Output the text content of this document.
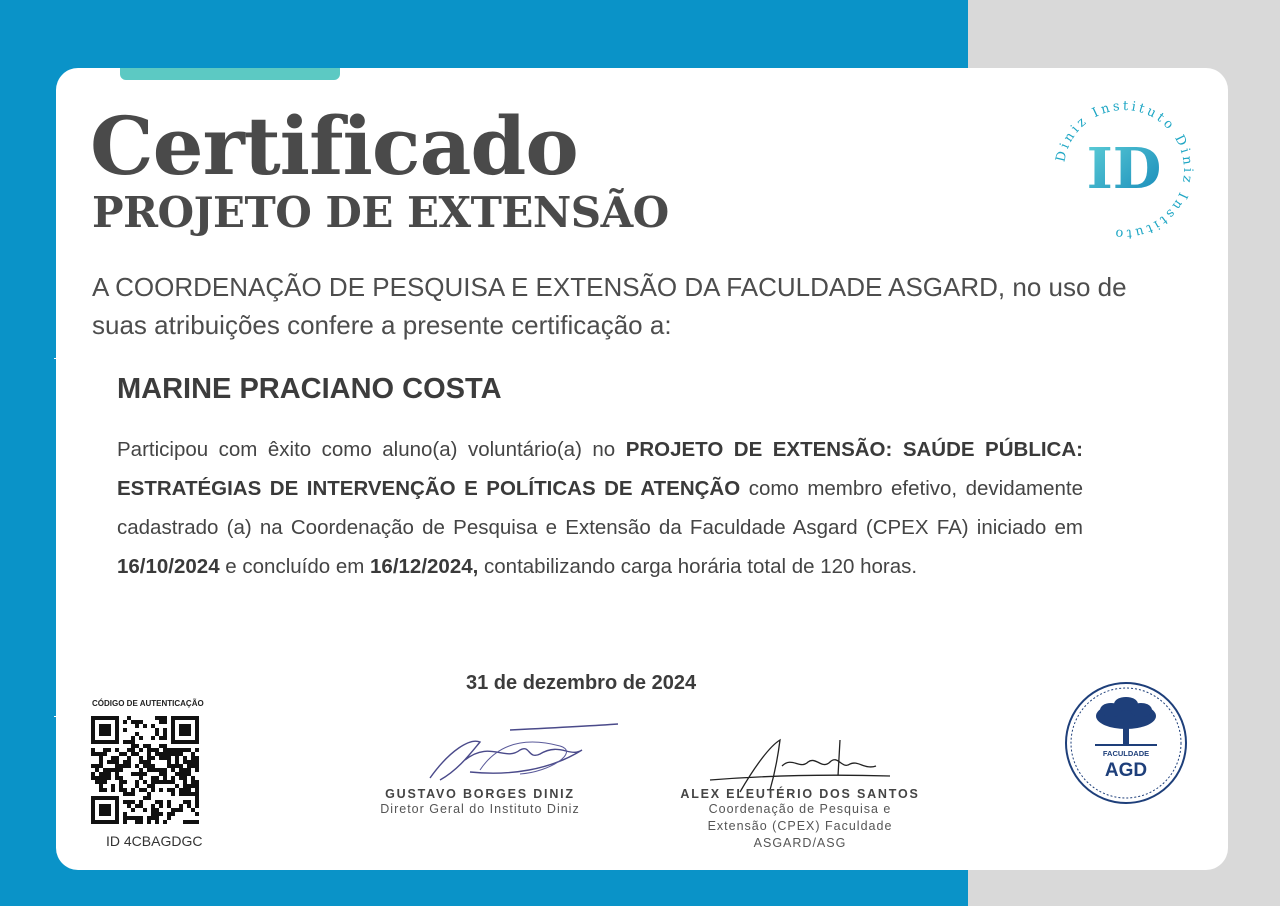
Certificado
PROJETO DE EXTENSÃO
A COORDENAÇÃO DE PESQUISA E EXTENSÃO DA FACULDADE ASGARD, no uso de suas atribuições confere a presente certificação a:
MARINE PRACIANO COSTA
Participou com êxito como aluno(a) voluntário(a) no PROJETO DE EXTENSÃO: SAÚDE PÚBLICA: ESTRATÉGIAS DE INTERVENÇÃO E POLÍTICAS DE ATENÇÃO como membro efetivo, devidamente cadastrado (a) na Coordenação de Pesquisa e Extensão da Faculdade Asgard (CPEX FA) iniciado em 16/10/2024 e concluído em 16/12/2024, contabilizando carga horária total de 120 horas.
31 de dezembro de 2024
CÓDIGO DE AUTENTICAÇÃO
ID 4CBAGDGC
GUSTAVO BORGES DINIZ
Diretor Geral do Instituto Diniz
ALEX ELEUTÉRIO DOS SANTOS
Coordenação de Pesquisa e
Extensão (CPEX) Faculdade
ASGARD/ASG
Diniz Instituto Diniz Instituto
ID
FACULDADE
AGD
